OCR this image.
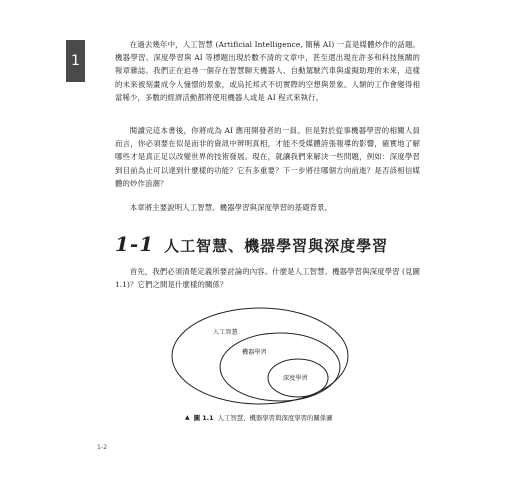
1

在過去幾年中，人工智慧 (Artificial Intelligence, 簡稱 AI) 一直是媒體炒作的話題。機器學習、深度學習與 AI 等標題出現於數不清的文章中，甚至還出現在許多和科技無關的報章雜誌。我們正在迫尋一個存在智慧聊天機器人、自動駕駛汽車與虛擬助理的未來，這樣的未來被刻畫成令人憧憬的景象，或烏托邦式不切實際的空想與景象。人類的工作會變得相當稀少，多數的經濟活動都將使用機器人或是 AI 程式來執行。

閱讀完這本書後，你將成為 AI 應用開發者的一員。但是對於從事機器學習的相關人員而言，你必須要在似是而非的資訊中辨明真相，才能不受媒體誇張報導的影響，確實地了解哪些才是真正足以改變世界的技術發展。現在，就讓我們來解決一些問題，例如：深度學習到目前為止可以達到什麼樣的功能？它有多重要？下一步將往哪個方向前進？是否該相信媒體的炒作浪潮？

本章將主要說明人工智慧、機器學習與深度學習的基礎背景。

1-1 人工智慧、機器學習與深度學習

首先，我們必須清楚定義所要討論的內容。什麼是人工智慧、機器學習與深度學習 (見圖 1.1)？它們之間是什麼樣的關係？

人工智慧
機器學習
深度學習
▲ 圖 1.1 人工智慧、機器學習與深度學習的關係圖
1-2
